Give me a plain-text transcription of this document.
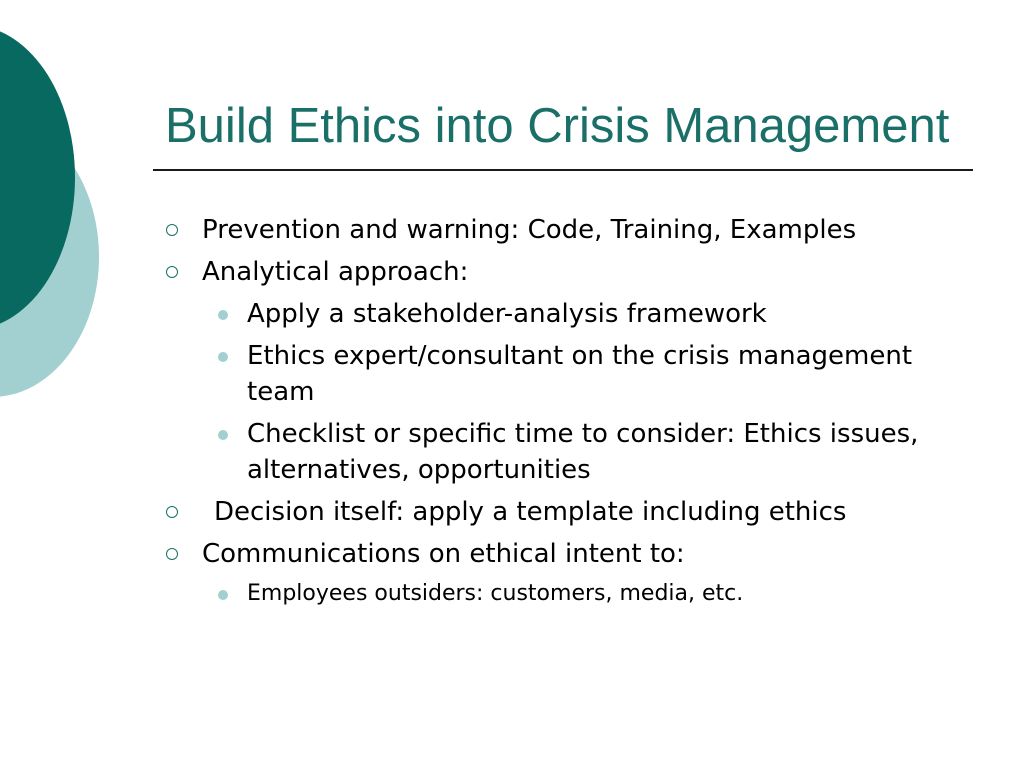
Build Ethics into Crisis Management
Prevention and warning: Code, Training, Examples
Analytical approach:
Apply a stakeholder-analysis framework
Ethics expert/consultant on the crisis management team
Checklist or specific time to consider: Ethics issues, alternatives, opportunities
Decision itself: apply a template including ethics
Communications on ethical intent to:
Employees outsiders: customers, media, etc.
